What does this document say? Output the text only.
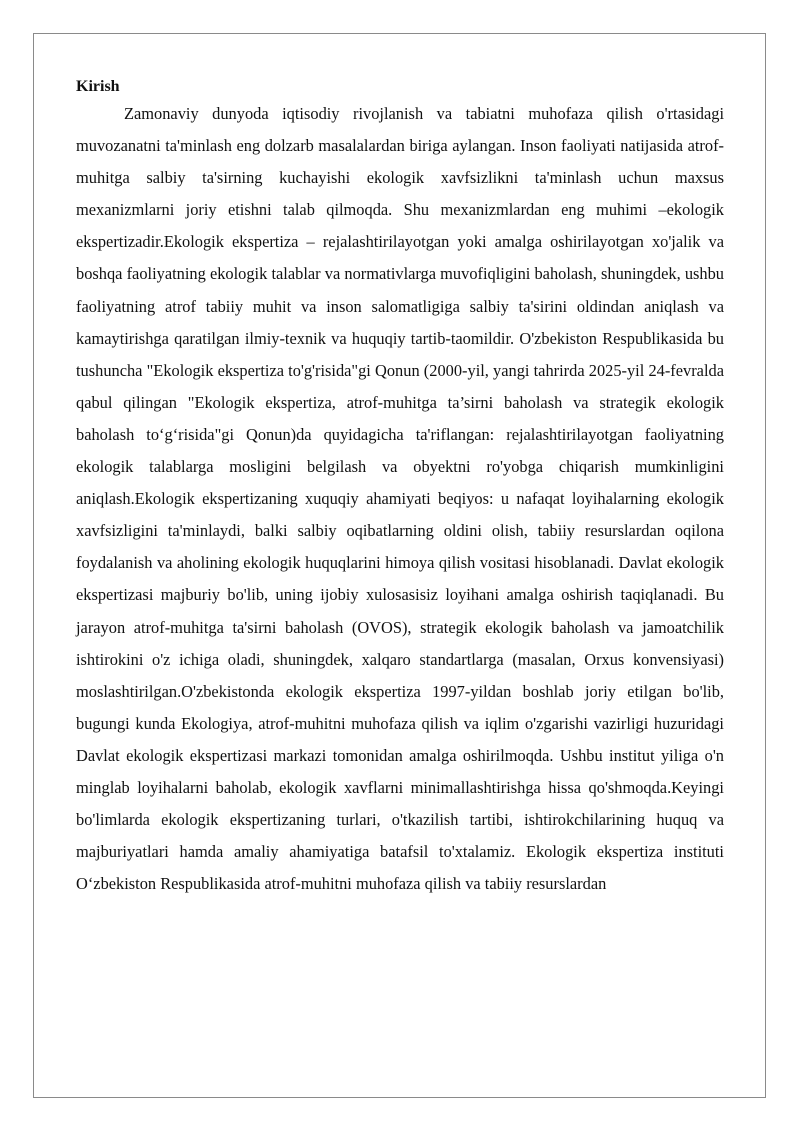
Kirish

Zamonaviy dunyoda iqtisodiy rivojlanish va tabiatni muhofaza qilish o'rtasidagi muvozanatni ta'minlash eng dolzarb masalalardan biriga aylangan. Inson faoliyati natijasida atrof-muhitga salbiy ta'sirning kuchayishi ekologik xavfsizlikni ta'minlash uchun maxsus mexanizmlarni joriy etishni talab qilmoqda. Shu mexanizmlardan eng muhimi –ekologik ekspertizadir.Ekologik ekspertiza – rejalashtirilayotgan yoki amalga oshirilayotgan xo'jalik va boshqa faoliyatning ekologik talablar va normativlarga muvofiqligini baholash, shuningdek, ushbu faoliyatning atrof tabiiy muhit va inson salomatligiga salbiy ta'sirini oldindan aniqlash va kamaytirishga qaratilgan ilmiy-texnik va huquqiy tartib-taomildir. O'zbekiston Respublikasida bu tushuncha "Ekologik ekspertiza to'g'risida"gi Qonun (2000-yil, yangi tahrirda 2025-yil 24-fevralda qabul qilingan "Ekologik ekspertiza, atrof-muhitga ta’sirni baholash va strategik ekologik baholash to‘g‘risida"gi Qonun)da quyidagicha ta'riflangan: rejalashtirilayotgan faoliyatning ekologik talablarga mosligini belgilash va obyektni ro'yobga chiqarish mumkinligini aniqlash.Ekologik ekspertizaning xuquqiy ahamiyati beqiyos: u nafaqat loyihalarning ekologik xavfsizligini ta'minlaydi, balki salbiy oqibatlarning oldini olish, tabiiy resurslardan oqilona foydalanish va aholining ekologik huquqlarini himoya qilish vositasi hisoblanadi. Davlat ekologik ekspertizasi majburiy bo'lib, uning ijobiy xulosasisiz loyihani amalga oshirish taqiqlanadi. Bu jarayon atrof-muhitga ta'sirni baholash (OVOS), strategik ekologik baholash va jamoatchilik ishtirokini o'z ichiga oladi, shuningdek, xalqaro standartlarga (masalan, Orxus konvensiyasi) moslashtirilgan.O'zbekistonda ekologik ekspertiza 1997-yildan boshlab joriy etilgan bo'lib, bugungi kunda Ekologiya, atrof-muhitni muhofaza qilish va iqlim o'zgarishi vazirligi huzuridagi Davlat ekologik ekspertizasi markazi tomonidan amalga oshirilmoqda. Ushbu institut yiliga o'n minglab loyihalarni baholab, ekologik xavflarni minimallashtirishga hissa qo'shmoqda.Keyingi bo'limlarda ekologik ekspertizaning turlari, o'tkazilish tartibi, ishtirokchilarining huquq va majburiyatlari hamda amaliy ahamiyatiga batafsil to'xtalamiz. Ekologik ekspertiza instituti O‘zbekiston Respublikasida atrof-muhitni muhofaza qilish va tabiiy resurslardan
